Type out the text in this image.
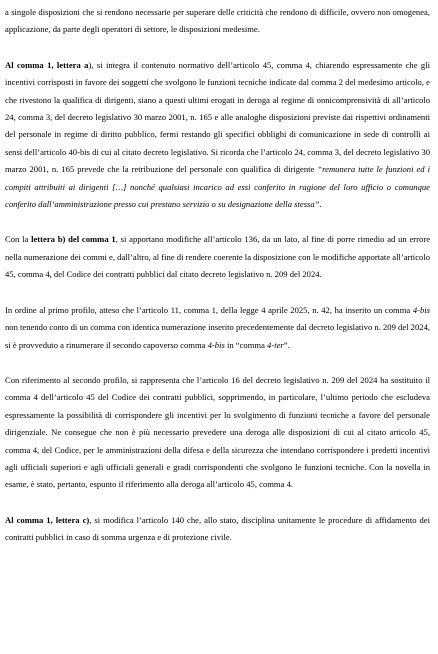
a singole disposizioni che si rendono necessarie per superare delle criticità che rendono di difficile, ovvero non omogenea, applicazione, da parte degli operatori di settore, le disposizioni medesime.

Al comma 1, lettera a), si integra il contenuto normativo dell’articolo 45, comma 4, chiarendo espressamente che gli incentivi corrisposti in favore dei soggetti che svolgono le funzioni tecniche indicate dal comma 2 del medesimo articolo, e che rivestono la qualifica di dirigenti, siano a questi ultimi erogati in deroga al regime di onnicomprensività di all’articolo 24, comma 3, del decreto legislativo 30 marzo 2001, n. 165 e alle analoghe disposizioni previste dai rispettivi ordinamenti del personale in regime di diritto pubblico, fermi restando gli specifici obblighi di comunicazione in sede di controlli ai sensi dell’articolo 40-bis di cui al citato decreto legislativo. Si ricorda che l’articolo 24, comma 3, del decreto legislativo 30 marzo 2001, n. 165 prevede che la retribuzione del personale con qualifica di dirigente “remunera tutte le funzioni ed i compiti attribuiti ai dirigenti […] nonché qualsiasi incarico ad essi conferito in ragione del loro ufficio o comunque conferito dall’amministrazione presso cui prestano servizio o su designazione della stessa”.

Con la lettera b) del comma 1, si apportano modifiche all’articolo 136, da un lato, al fine di porre rimedio ad un errore nella numerazione dei commi e, dall’altro, al fine di rendere coerente la disposizione con le modifiche apportate all’articolo 45, comma 4, del Codice dei contratti pubblici dal citato decreto legislativo n. 209 del 2024.

In ordine al primo profilo, atteso che l’articolo 11, comma 1, della legge 4 aprile 2025, n. 42, ha inserito un comma 4-bis non tenendo conto di un comma con identica numerazione inserito precedentemente dal decreto legislativo n. 209 del 2024, si è provveduto a rinumerare il secondo capoverso comma 4-bis in “comma 4-ter”.

Con riferimento al secondo profilo, si rappresenta che l’articolo 16 del decreto legislativo n. 209 del 2024 ha sostituito il comma 4 dell’articolo 45 del Codice dei contratti pubblici, sopprimendo, in particolare, l’ultimo periodo che escludeva espressamente la possibilità di corrispondere gli incentivi per lo svolgimento di funzioni tecniche a favore del personale dirigenziale. Ne consegue che non è più necessario prevedere una deroga alle disposizioni di cui al citato articolo 45, comma 4, del Codice, per le amministrazioni della difesa e della sicurezza che intendano corrispondere i predetti incentivi agli ufficiali superiori e agli ufficiali generali e gradi corrispondenti che svolgono le funzioni tecniche. Con la novella in esame, è stato, pertanto, espunto il riferimento alla deroga all’articolo 45, comma 4.

Al comma 1, lettera c), si modifica l’articolo 140 che, allo stato, disciplina unitamente le procedure di affidamento dei contratti pubblici in caso di somma urgenza e di protezione civile.
